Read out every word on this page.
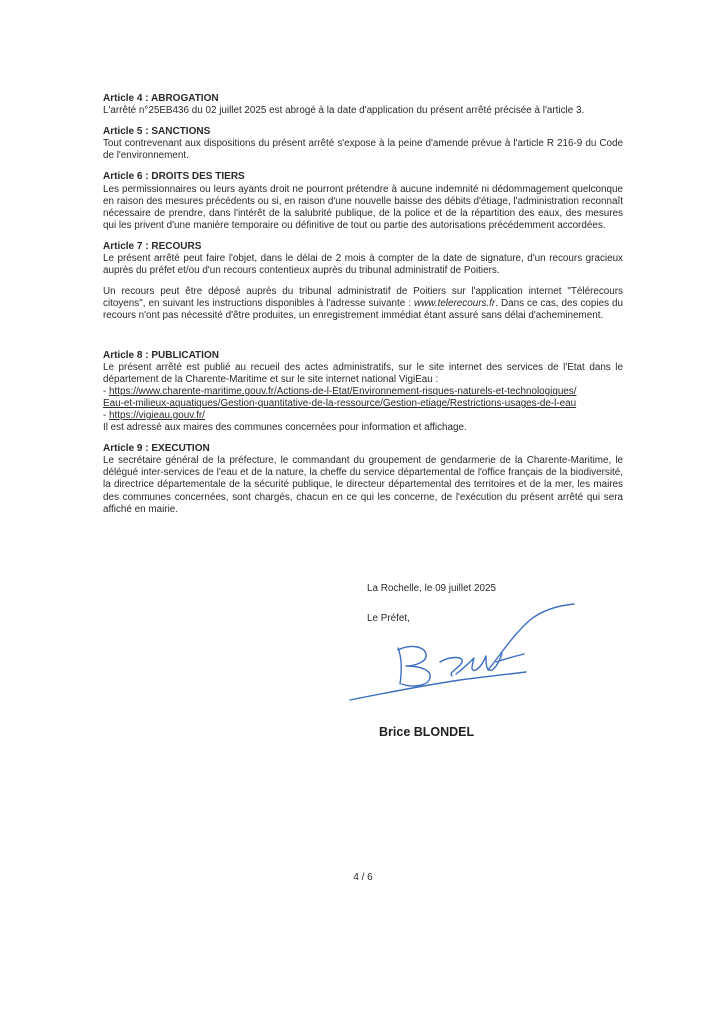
Article 4 : ABROGATION

L'arrêté n°25EB436 du 02 juillet 2025 est abrogé à la date d'application du présent arrêté précisée à l'article 3.

Article 5 : SANCTIONS

Tout contrevenant aux dispositions du présent arrêté s'expose à la peine d'amende prévue à l'article R 216-9 du Code de l'environnement.

Article 6 : DROITS DES TIERS

Les permissionnaires ou leurs ayants droit ne pourront prétendre à aucune indemnité ni dédommagement quelconque en raison des mesures précédents ou si, en raison d'une nouvelle baisse des débits d'étiage, l'administration reconnaît nécessaire de prendre, dans l'intérêt de la salubrité publique, de la police et de la répartition des eaux, des mesures qui les privent d'une manière temporaire ou définitive de tout ou partie des autorisations précédemment accordées.

Article 7 : RECOURS

Le présent arrêté peut faire l'objet, dans le délai de 2 mois à compter de la date de signature, d'un recours gracieux auprès du préfet et/ou d'un recours contentieux auprès du tribunal administratif de Poitiers.

Un recours peut être déposé auprès du tribunal administratif de Poitiers sur l'application internet "Télérecours citoyens", en suivant les instructions disponibles à l'adresse suivante : www.telerecours.fr. Dans ce cas, des copies du recours n'ont pas nécessité d'être produites, un enregistrement immédiat étant assuré sans délai d'acheminement.

Article 8 : PUBLICATION

Le présent arrêté est publié au recueil des actes administratifs, sur le site internet des services de l'Etat dans le département de la Charente-Maritime et sur le site internet national VigiEau :

- https://www.charente-maritime.gouv.fr/Actions-de-l-Etat/Environnement-risques-naturels-et-technologiques/
Eau-et-milieux-aquatiques/Gestion-quantitative-de-la-ressource/Gestion-etiage/Restrictions-usages-de-l-eau
- https://vigieau.gouv.fr/

Il est adressé aux maires des communes concernées pour information et affichage.

Article 9 : EXECUTION

Le secrétaire général de la préfecture, le commandant du groupement de gendarmerie de la Charente-Maritime, le délégué inter-services de l'eau et de la nature, la cheffe du service départemental de l'office français de la biodiversité, la directrice départementale de la sécurité publique, le directeur départemental des territoires et de la mer, les maires des communes concernées, sont chargés, chacun en ce qui les concerne, de l'exécution du présent arrêté qui sera affiché en mairie.

La Rochelle, le 09 juillet 2025
Le Préfet,
Brice BLONDEL
4 / 6
